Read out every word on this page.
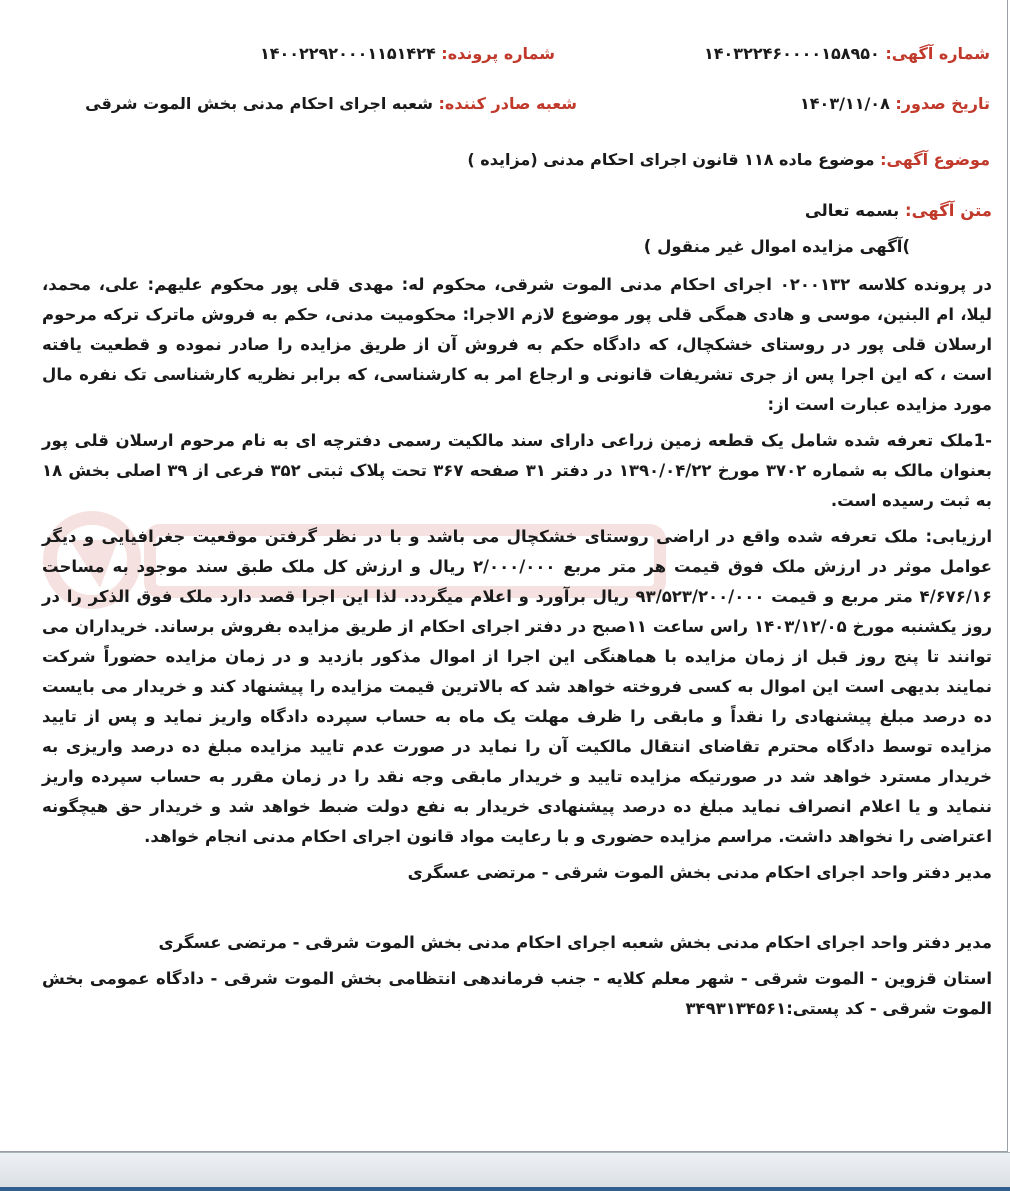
شماره آگهی: ۱۴۰۳۲۲۴۶۰۰۰۰۱۵۸۹۵۰
شماره پرونده: ۱۴۰۰۲۲۹۲۰۰۰۱۱۵۱۴۲۴
تاریخ صدور: ۱۴۰۳/۱۱/۰۸
شعبه صادر کننده: شعبه اجرای احکام مدنی بخش الموت شرقی
موضوع آگهی: موضوع ماده ۱۱۸ قانون اجرای احکام مدنی (مزایده )

متن آگهی: بسمه تعالی

)آگهی مزایده اموال غیر منقول )

در پرونده کلاسه ۰۲۰۰۱۳۲ اجرای احکام مدنی الموت شرقی، محکوم له: مهدی قلی پور محکوم علیهم: علی، محمد، لیلا، ام البنین، موسی و هادی همگی قلی پور موضوع لازم الاجرا: محکومیت مدنی، حکم به فروش ماترک ترکه مرحوم ارسلان قلی پور در روستای خشکچال، که دادگاه حکم به فروش آن از طریق مزایده را صادر نموده و قطعیت یافته است ، که این اجرا پس از جری تشریفات قانونی و ارجاع امر به کارشناسی، که برابر نظریه کارشناسی تک نفره مال مورد مزایده عبارت است از:

-1ملک تعرفه شده شامل یک قطعه زمین زراعی دارای سند مالکیت رسمی دفترچه ای به نام مرحوم ارسلان قلی پور بعنوان مالک به شماره ۳۷۰۲ مورخ ۱۳۹۰/۰۴/۲۲ در دفتر ۳۱ صفحه ۳۶۷ تحت پلاک ثبتی ۳۵۲ فرعی از ۳۹ اصلی بخش ۱۸ به ثبت رسیده است.

ارزیابی: ملک تعرفه شده واقع در اراضی روستای خشکچال می باشد و با در نظر گرفتن موقعیت جغرافیایی و دیگر عوامل موثر در ارزش ملک فوق قیمت هر متر مربع ۲/۰۰۰/۰۰۰ ریال و ارزش کل ملک طبق سند موجود به مساحت ۴/۶۷۶/۱۶ متر مربع و قیمت ۹۳/۵۲۳/۲۰۰/۰۰۰ ریال برآورد و اعلام میگردد. لذا این اجرا قصد دارد ملک فوق الذکر را در روز یکشنبه مورخ ۱۴۰۳/۱۲/۰۵ راس ساعت ۱۱صبح در دفتر اجرای احکام از طریق مزایده بفروش برساند. خریداران می توانند تا پنج روز قبل از زمان مزایده با هماهنگی این اجرا از اموال مذکور بازدید و در زمان مزایده حضوراً شرکت نمایند بدیهی است این اموال به کسی فروخته خواهد شد که بالاترین قیمت مزایده را پیشنهاد کند و خریدار می بایست ده درصد مبلغ پیشنهادی را نقداً و مابقی را ظرف مهلت یک ماه به حساب سپرده دادگاه واریز نماید و پس از تایید مزایده توسط دادگاه محترم تقاضای انتقال مالکیت آن را نماید در صورت عدم تایید مزایده مبلغ ده درصد واریزی به خریدار مسترد خواهد شد در صورتیکه مزایده تایید و خریدار مابقی وجه نقد را در زمان مقرر به حساب سپرده واریز ننماید و یا اعلام انصراف نماید مبلغ ده درصد پیشنهادی خریدار به نفع دولت ضبط خواهد شد و خریدار حق هیچگونه اعتراضی را نخواهد داشت. مراسم مزایده حضوری و با رعایت مواد قانون اجرای احکام مدنی انجام خواهد.

مدیر دفتر واحد اجرای احکام مدنی بخش الموت شرقی - مرتضی عسگری

مدیر دفتر واحد اجرای احکام مدنی بخش شعبه اجرای احکام مدنی بخش الموت شرقی - مرتضی عسگری

استان قزوین - الموت شرقی - شهر معلم کلایه - جنب فرماندهی انتظامی بخش الموت شرقی - دادگاه عمومی بخش الموت شرقی - کد پستی:۳۴۹۳۱۳۴۵۶۱
